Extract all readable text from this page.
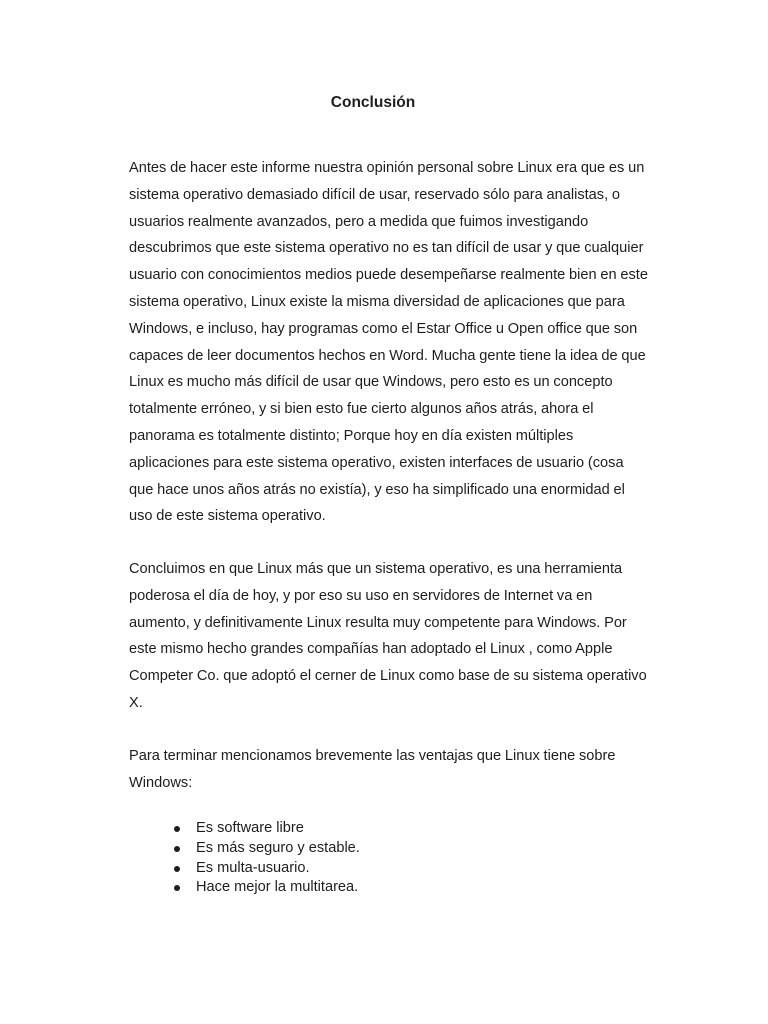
Conclusión

Antes de hacer este informe nuestra opinión personal sobre Linux era que es un sistema operativo demasiado difícil de usar, reservado sólo para analistas, o usuarios realmente avanzados, pero a medida que fuimos investigando descubrimos que este sistema operativo no es tan difícil de usar y que cualquier usuario con conocimientos medios puede desempeñarse realmente bien en este sistema operativo, Linux existe la misma diversidad de aplicaciones que para Windows, e incluso, hay programas como el Estar Office u Open office que son capaces de leer documentos hechos en Word. Mucha gente tiene la idea de que Linux es mucho más difícil de usar que Windows, pero esto es un concepto totalmente erróneo, y si bien esto fue cierto algunos años atrás, ahora el panorama es totalmente distinto; Porque hoy en día existen múltiples aplicaciones para este sistema operativo, existen interfaces de usuario (cosa que hace unos años atrás no existía), y eso ha simplificado una enormidad el uso de este sistema operativo.

Concluimos en que Linux más que un sistema operativo, es una herramienta poderosa el día de hoy, y por eso su uso en servidores de Internet va en aumento, y definitivamente Linux resulta muy competente para Windows. Por este mismo hecho grandes compañías han adoptado el Linux , como Apple Competer Co. que adoptó el cerner de Linux como base de su sistema operativo X.

Para terminar mencionamos brevemente las ventajas que Linux tiene sobre Windows:

Es software libre
Es más seguro y estable.
Es multa-usuario.
Hace mejor la multitarea.
